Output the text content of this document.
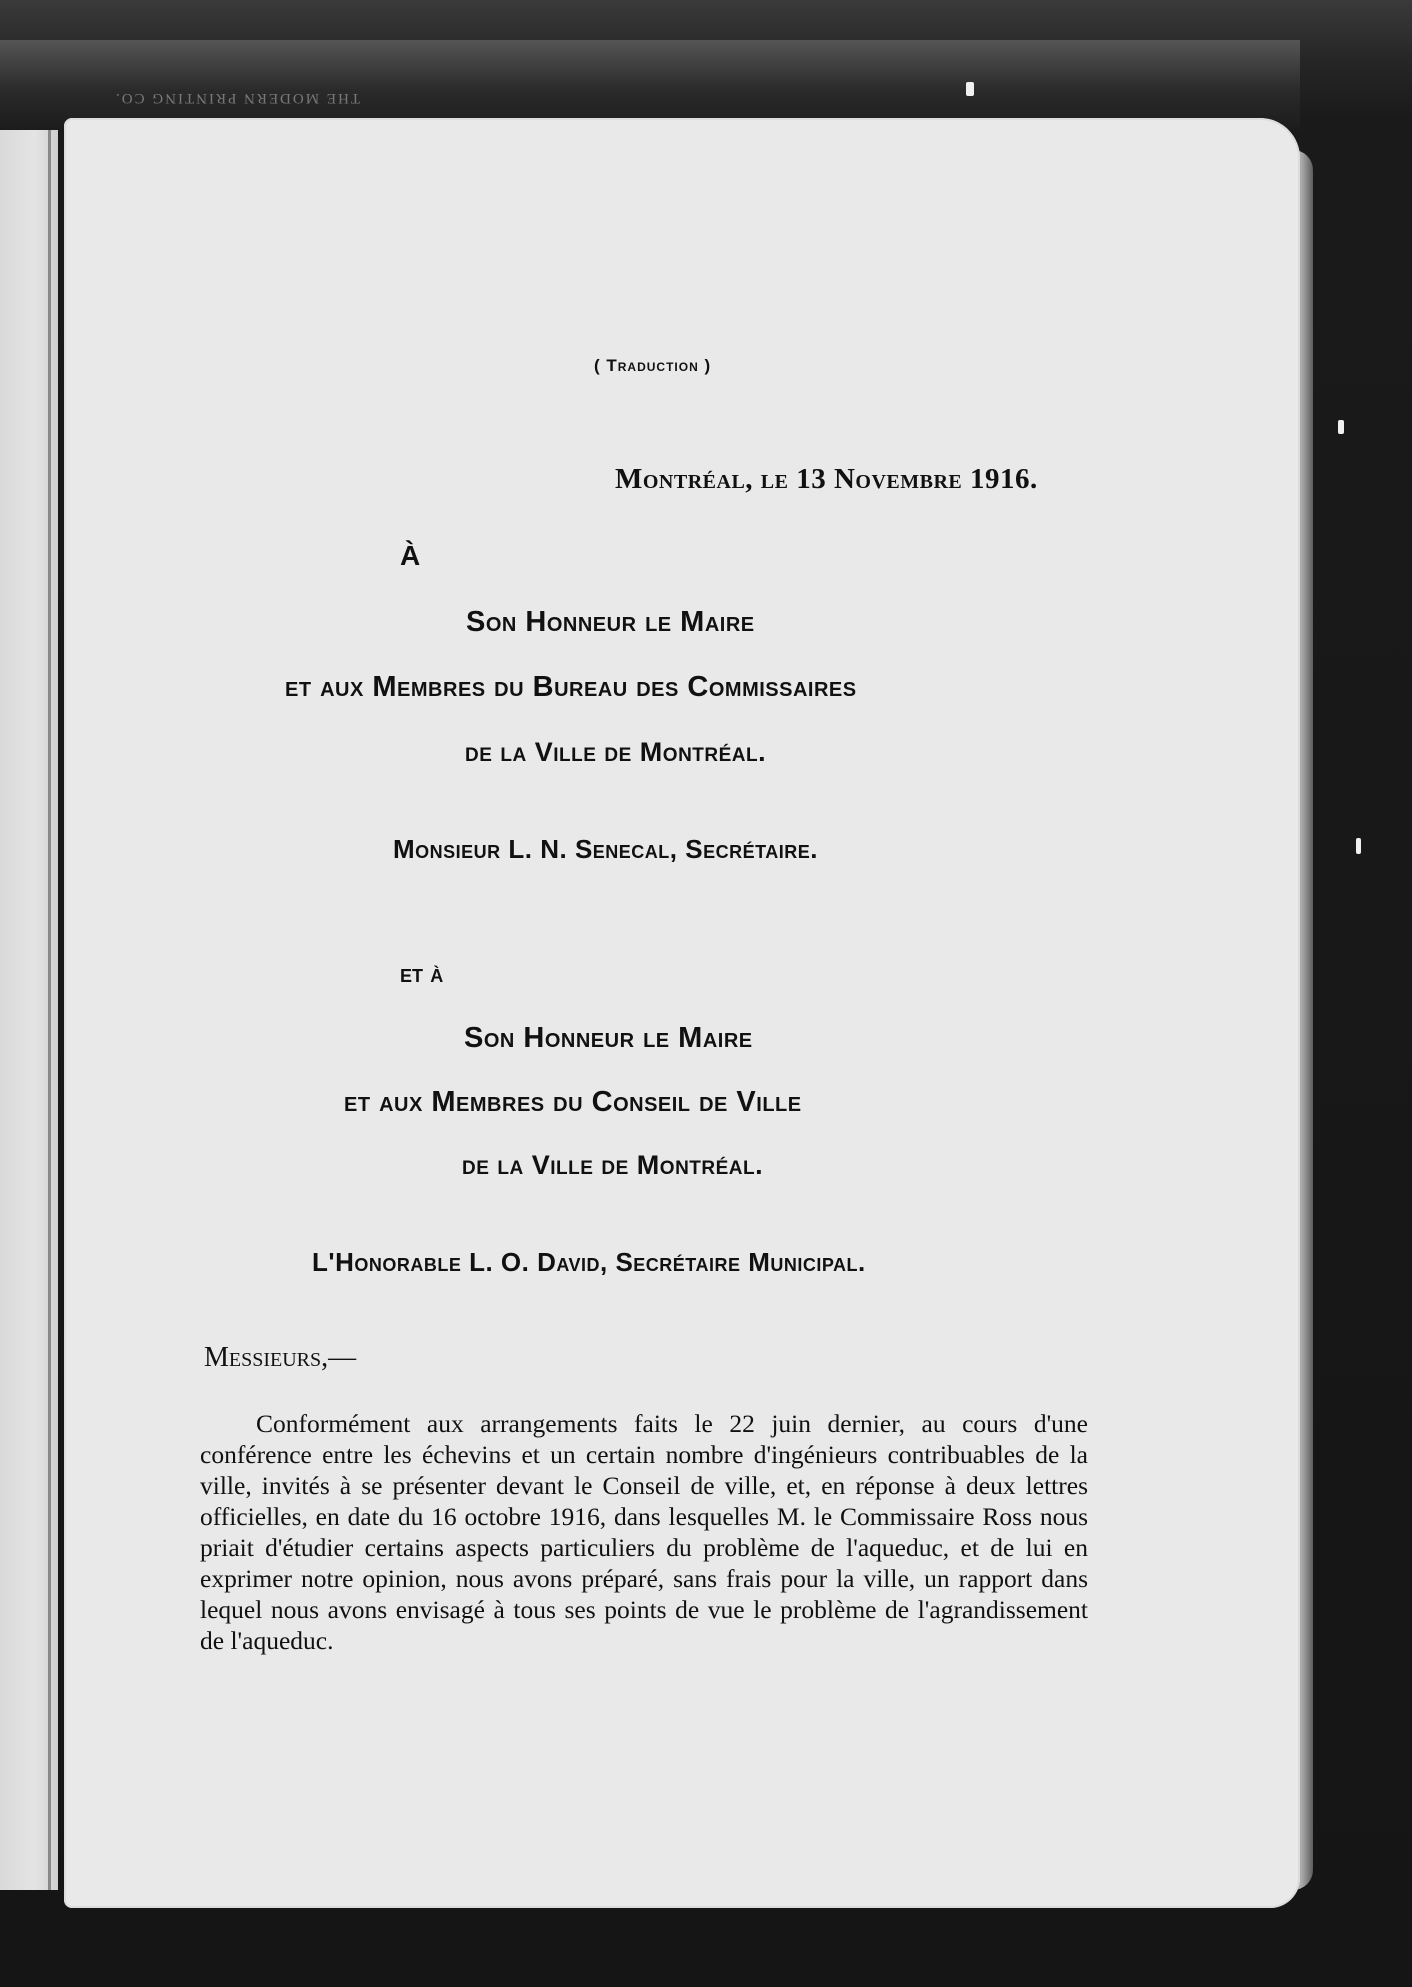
THE MODERN PRINTING CO.
( Traduction )
Montréal, le 13 Novembre 1916.
À
Son Honneur le Maire
et aux Membres du Bureau des Commissaires
de la Ville de Montréal.
Monsieur L. N. Senecal, Secrétaire.
et à
Son Honneur le Maire
et aux Membres du Conseil de Ville
de la Ville de Montréal.
L'Honorable L. O. David, Secrétaire Municipal.
Messieurs,—
Conformément aux arrangements faits le 22 juin dernier, au cours d'une conférence entre les échevins et un certain nombre d'ingénieurs contribuables de la ville, invités à se présenter devant le Conseil de ville, et, en réponse à deux lettres officielles, en date du 16 octobre 1916, dans lesquelles M. le Commissaire Ross nous priait d'étudier certains aspects particuliers du problème de l'aqueduc, et de lui en exprimer notre opinion, nous avons préparé, sans frais pour la ville, un rapport dans lequel nous avons envisagé à tous ses points de vue le problème de l'agrandissement de l'aqueduc.
